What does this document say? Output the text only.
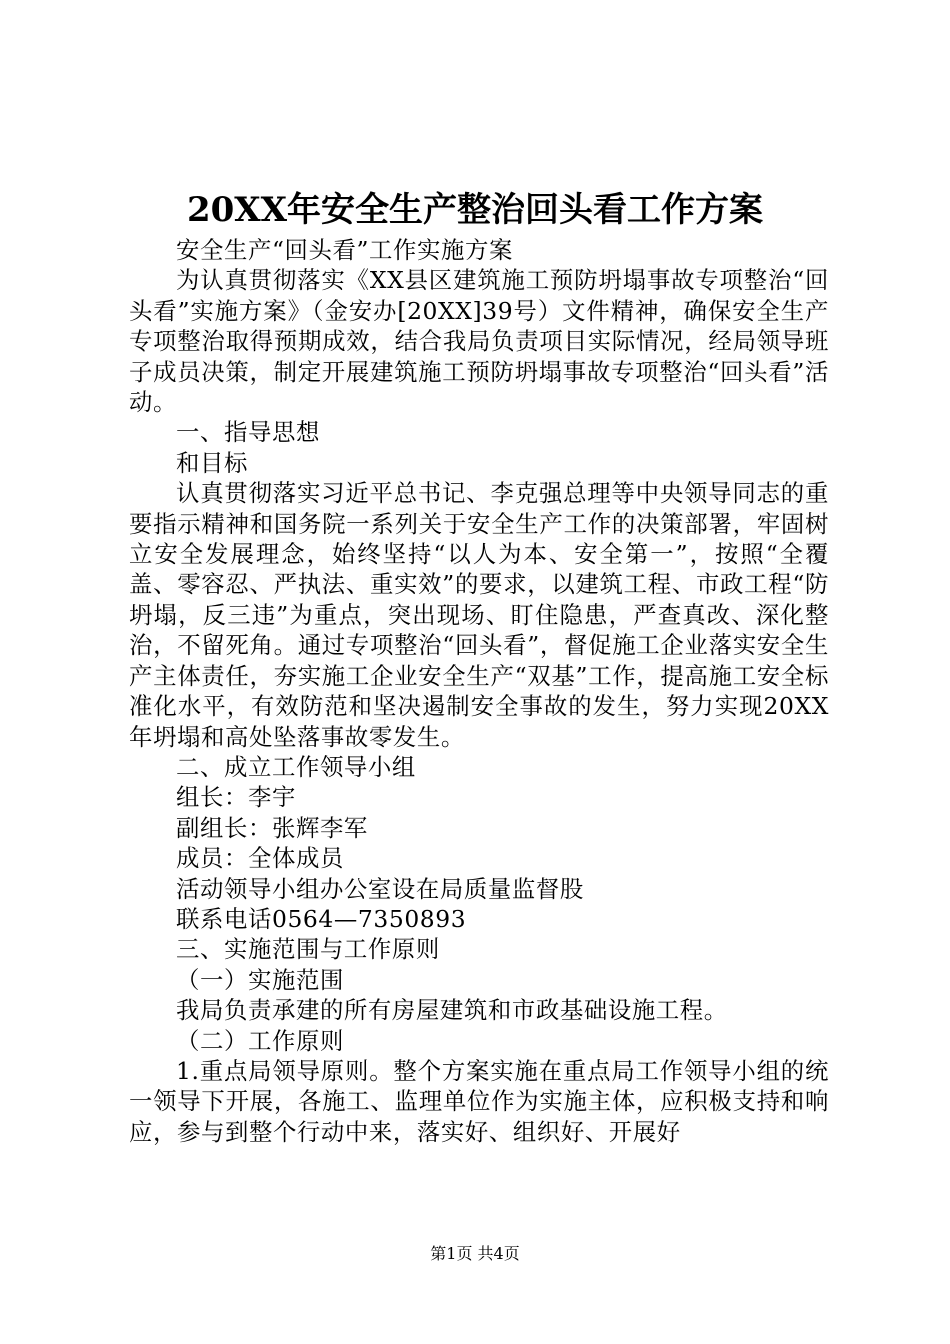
20XX年安全生产整治回头看工作方案

安全生产“回头看”工作实施方案

为认真贯彻落实《XX县区建筑施工预防坍塌事故专项整治“回头看”实施方案》（金安办[20XX]39号）文件精神，确保安全生产专项整治取得预期成效，结合我局负责项目实际情况，经局领导班子成员决策，制定开展建筑施工预防坍塌事故专项整治“回头看”活动。

一、指导思想

和目标

认真贯彻落实习近平总书记、李克强总理等中央领导同志的重要指示精神和国务院一系列关于安全生产工作的决策部署，牢固树立安全发展理念，始终坚持“以人为本、安全第一”，按照“全覆盖、零容忍、严执法、重实效”的要求，以建筑工程、市政工程“防坍塌，反三违”为重点，突出现场、盯住隐患，严查真改、深化整治，不留死角。通过专项整治“回头看”，督促施工企业落实安全生产主体责任，夯实施工企业安全生产“双基”工作，提高施工安全标准化水平，有效防范和坚决遏制安全事故的发生，努力实现20XX年坍塌和高处坠落事故零发生。

二、成立工作领导小组

组长：李宇

副组长：张辉李军

成员：全体成员

活动领导小组办公室设在局质量监督股

联系电话0564—7350893

三、实施范围与工作原则

（一）实施范围

我局负责承建的所有房屋建筑和市政基础设施工程。

（二）工作原则

1.重点局领导原则。整个方案实施在重点局工作领导小组的统一领导下开展，各施工、监理单位作为实施主体，应积极支持和响应，参与到整个行动中来，落实好、组织好、开展好

第1页 共4页
